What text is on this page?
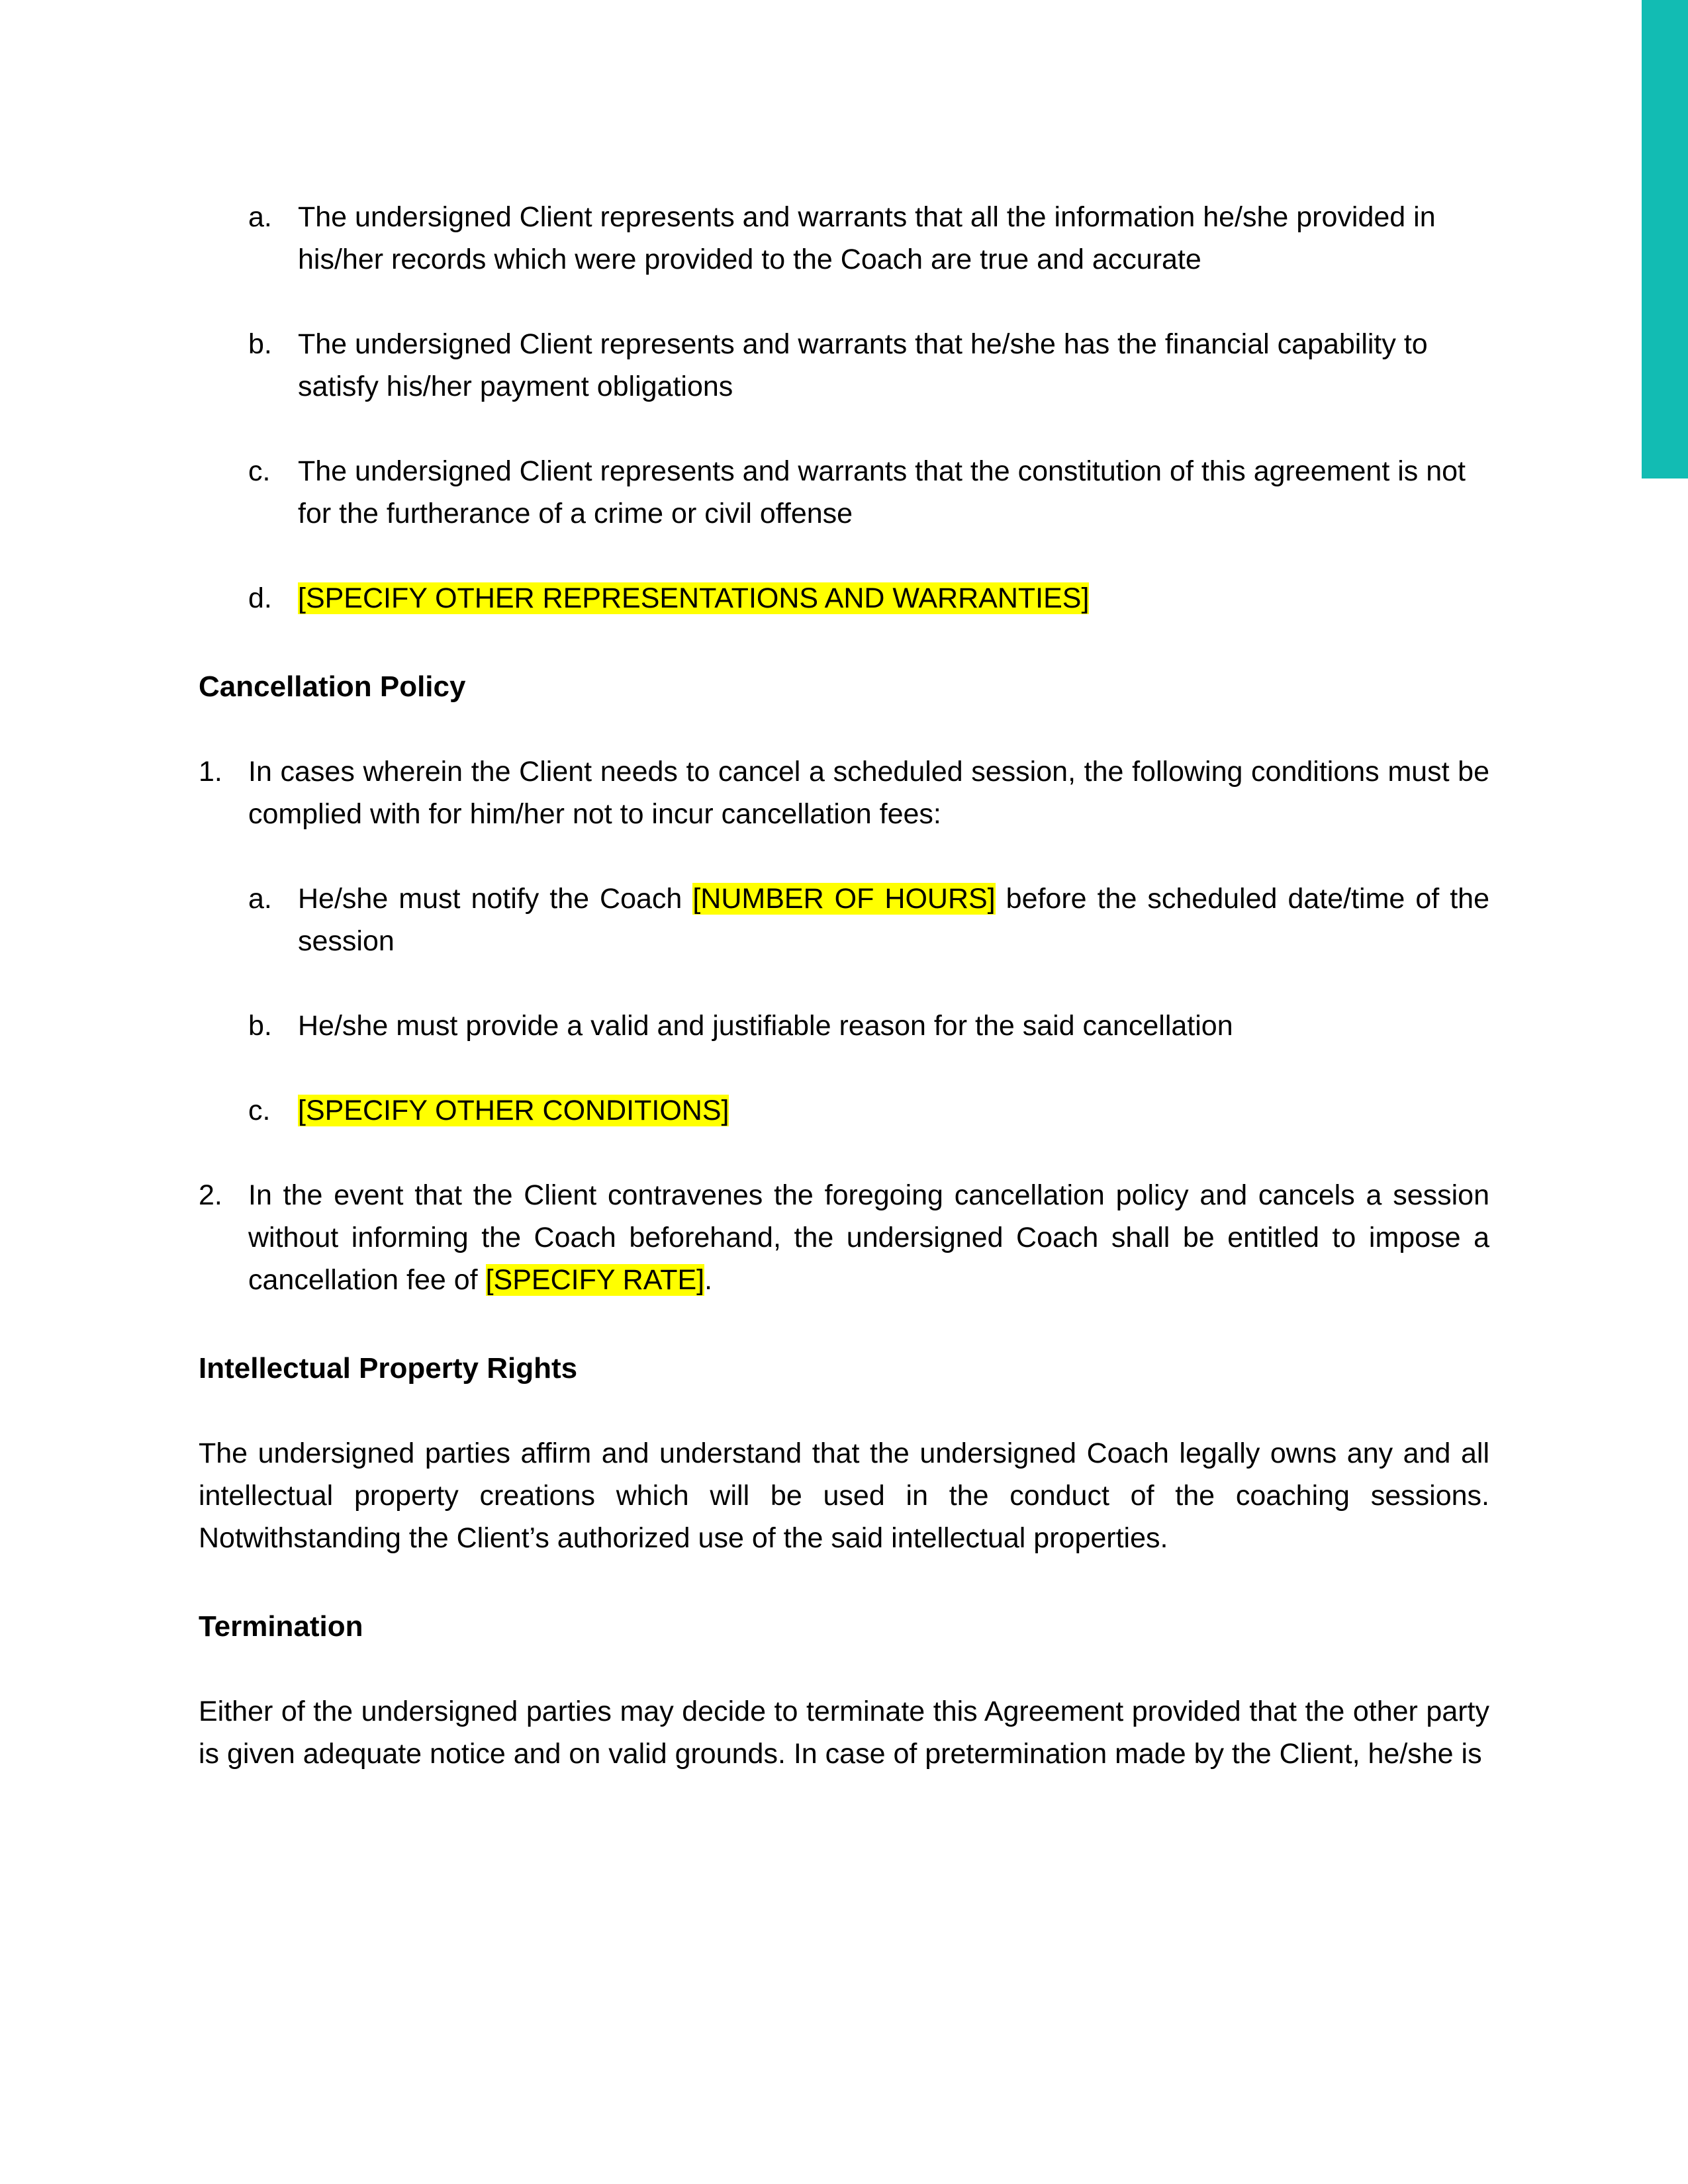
a. The undersigned Client represents and warrants that all the information he/she provided in his/her records which were provided to the Coach are true and accurate
b. The undersigned Client represents and warrants that he/she has the financial capability to satisfy his/her payment obligations
c. The undersigned Client represents and warrants that the constitution of this agreement is not for the furtherance of a crime or civil offense
d. [SPECIFY OTHER REPRESENTATIONS AND WARRANTIES]
Cancellation Policy
1. In cases wherein the Client needs to cancel a scheduled session, the following conditions must be complied with for him/her not to incur cancellation fees:
a. He/she must notify the Coach [NUMBER OF HOURS] before the scheduled date/time of the session
b. He/she must provide a valid and justifiable reason for the said cancellation
c. [SPECIFY OTHER CONDITIONS]
2. In the event that the Client contravenes the foregoing cancellation policy and cancels a session without informing the Coach beforehand, the undersigned Coach shall be entitled to impose a cancellation fee of [SPECIFY RATE].
Intellectual Property Rights
The undersigned parties affirm and understand that the undersigned Coach legally owns any and all intellectual property creations which will be used in the conduct of the coaching sessions. Notwithstanding the Client’s authorized use of the said intellectual properties.
Termination
Either of the undersigned parties may decide to terminate this Agreement provided that the other party is given adequate notice and on valid grounds. In case of pretermination made by the Client, he/she is
